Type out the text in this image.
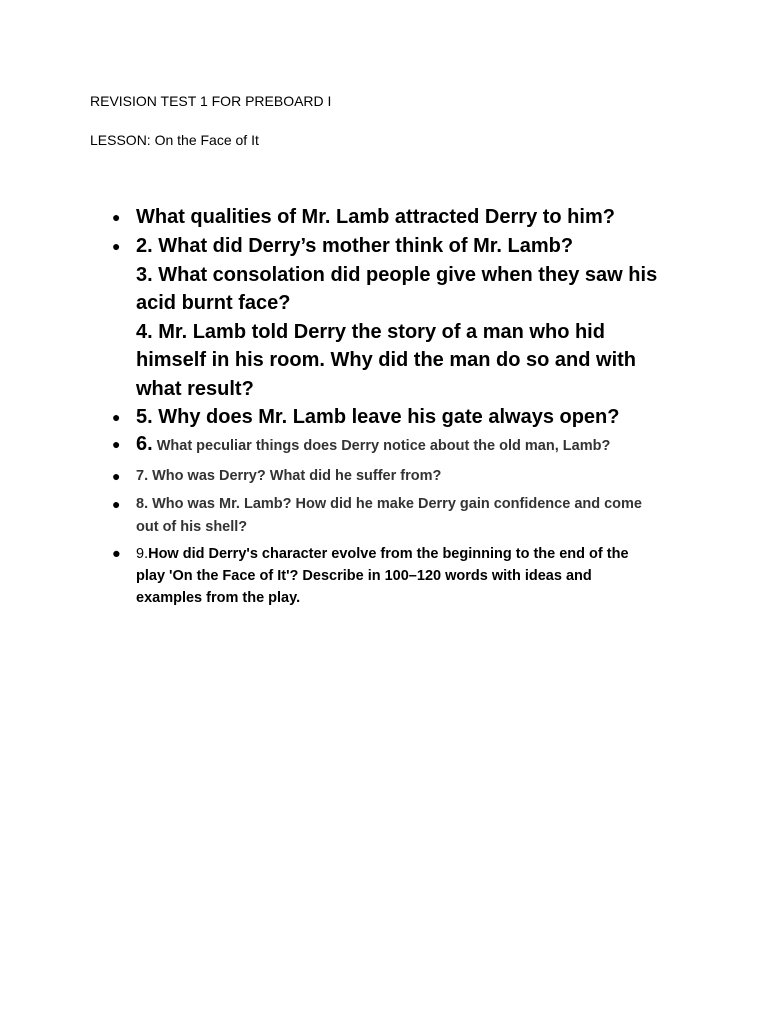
REVISION TEST 1 FOR PREBOARD I
LESSON: On the Face of It
● What qualities of Mr. Lamb attracted Derry to him?
● 2. What did Derry’s mother think of Mr. Lamb?
3. What consolation did people give when they saw his
acid burnt face?
4. Mr. Lamb told Derry the story of a man who hid
himself in his room. Why did the man do so and with
what result?
● 5. Why does Mr. Lamb leave his gate always open?
● 6. What peculiar things does Derry notice about the old man, Lamb?
● 7. Who was Derry? What did he suffer from?
● 8. Who was Mr. Lamb? How did he make Derry gain confidence and come
out of his shell?
● 9.How did Derry's character evolve from the beginning to the end of the
play 'On the Face of It'? Describe in 100–120 words with ideas and
examples from the play.
